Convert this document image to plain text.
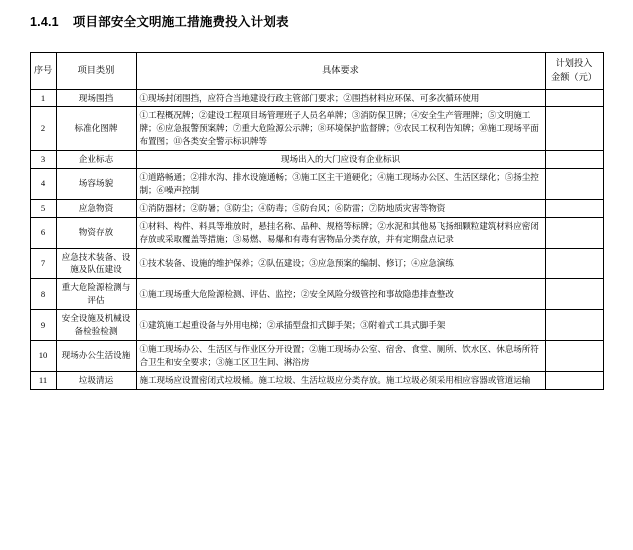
1.4.1 项目部安全文明施工措施费投入计划表
序号	项目类别	具体要求	计划投入
金额（元）
1	现场围挡	①现场封闭围挡，应符合当地建设行政主管部门要求；②围挡材料应环保、可多次循环使用	
2	标准化图牌	①工程概况牌；②建设工程项目场管理班子人员名单牌；③消防保卫牌；④安全生产管理牌；⑤文明施工牌；⑥应急报警预案牌；⑦重大危险源公示牌；⑧环境保护监督牌；⑨农民工权利告知牌；⑩施工现场平面布置图；⑪各类安全警示标识牌等	
3	企业标志	现场出入的大门应设有企业标识	
4	场容场貌	①道路畅通；②排水沟、排水设施通畅；③施工区主干道硬化；④施工现场办公区、生活区绿化；⑤扬尘控制；⑥噪声控制	
5	应急物资	①消防器材；②防暑；③防尘；④防毒；⑤防台风；⑥防雷；⑦防地质灾害等物资	
6	物资存放	①材料、构件、料具等堆放时，悬挂名称、品种、规格等标牌；②水泥和其他易飞扬细颗粒建筑材料应密闭存放或采取覆盖等措施；③易燃、易爆和有毒有害物品分类存放，并有定期盘点记录	
7	应急技术装备、设施及队伍建设	①技术装备、设施的维护保养；②队伍建设；③应急预案的编制、修订；④应急演练	
8	重大危险源检测与评估	①施工现场重大危险源检测、评估、监控；②安全风险分级管控和事故隐患排查整改	
9	安全设施及机械设备检验检测	①建筑施工起重设备与外用电梯；②承插型盘扣式脚手架；③附着式工具式脚手架	
10	现场办公生活设施	①施工现场办公、生活区与作业区分开设置；②施工现场办公室、宿舍、食堂、厕所、饮水区、休息场所符合卫生和安全要求；③施工区卫生间、淋浴房	
11	垃圾清运	施工现场应设置密闭式垃圾桶。施工垃圾、生活垃圾应分类存放。施工垃圾必须采用相应容器或管道运输	
